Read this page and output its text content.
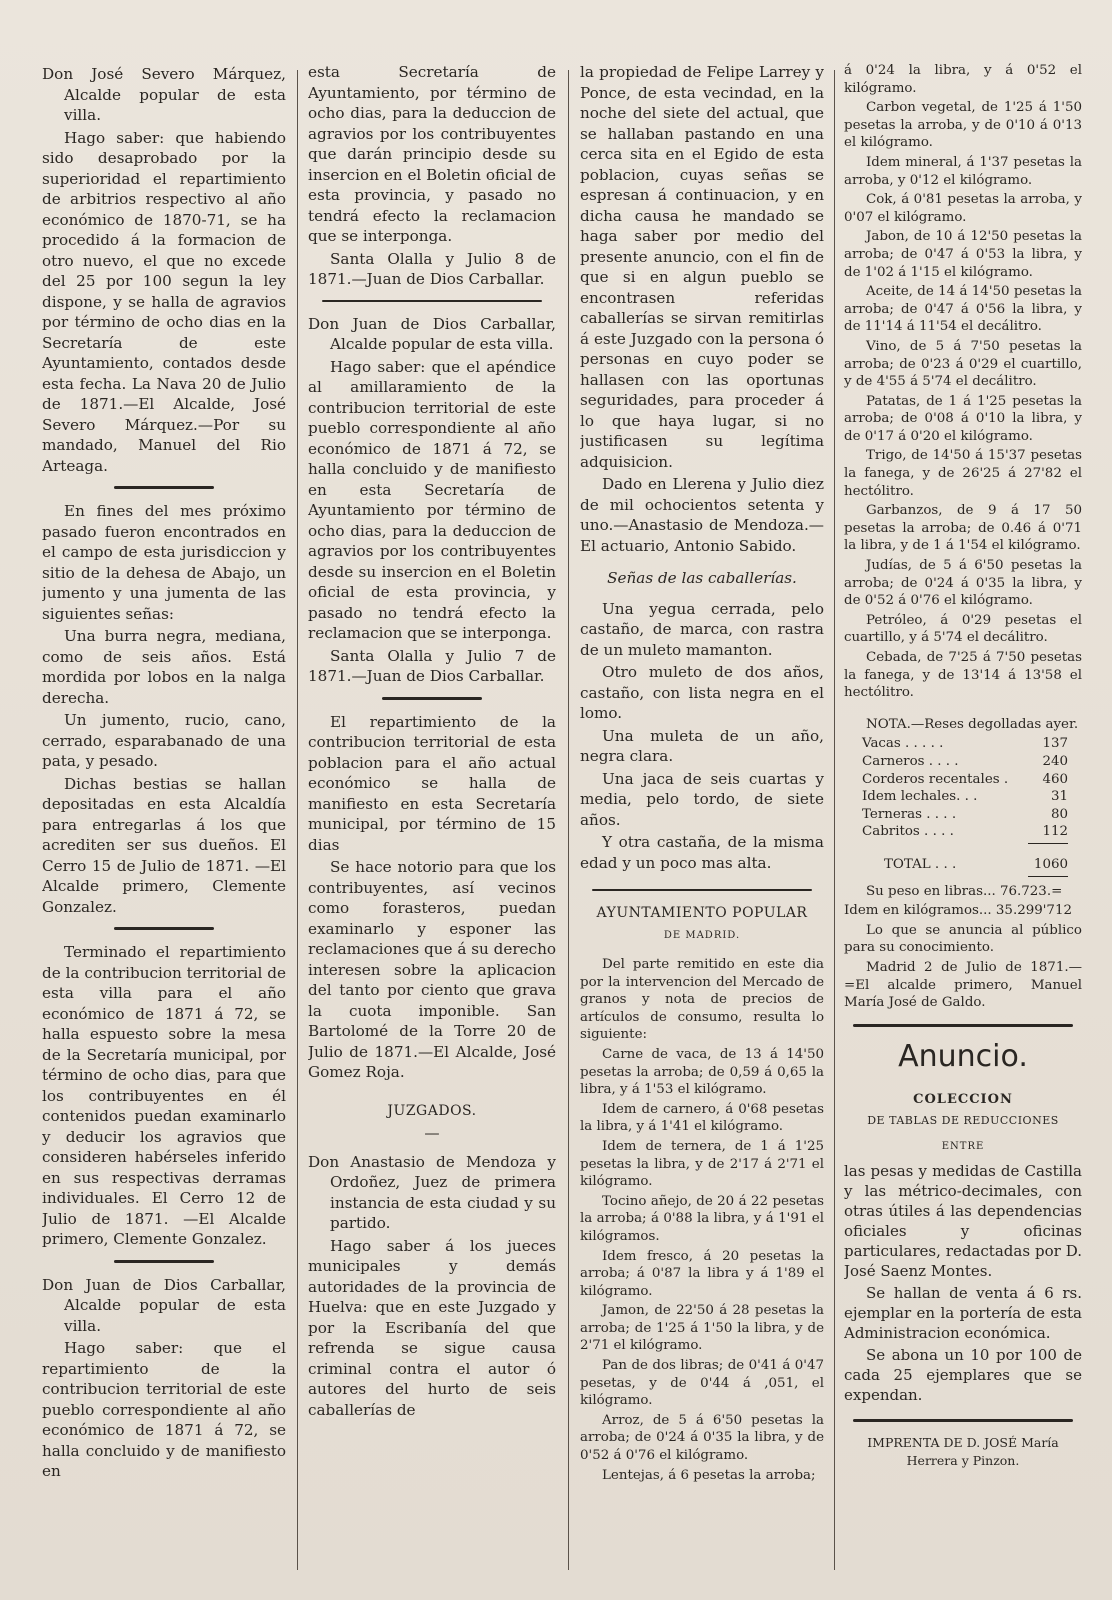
Don José Severo Márquez, Alcalde popular de esta villa.

Hago saber: que habiendo sido desaprobado por la superioridad el repartimiento de arbitrios respectivo al año económico de 1870-71, se ha procedido á la formacion de otro nuevo, el que no excede del 25 por 100 segun la ley dispone, y se halla de agravios por término de ocho dias en la Secretaría de este Ayuntamiento, contados desde esta fecha. La Nava 20 de Julio de 1871.—El Alcalde, José Severo Márquez.—Por su mandado, Manuel del Rio Arteaga.

En fines del mes próximo pasado fueron encontrados en el campo de esta jurisdiccion y sitio de la dehesa de Abajo, un jumento y una jumenta de las siguientes señas:

Una burra negra, mediana, como de seis años. Está mordida por lobos en la nalga derecha.

Un jumento, rucio, cano, cerrado, esparabanado de una pata, y pesado.

Dichas bestias se hallan depositadas en esta Alcaldía para entregarlas á los que acrediten ser sus dueños. El Cerro 15 de Julio de 1871. —El Alcalde primero, Clemente Gonzalez.

Terminado el repartimiento de la contribucion territorial de esta villa para el año económico de 1871 á 72, se halla espuesto sobre la mesa de la Secretaría municipal, por término de ocho dias, para que los contribuyentes en él contenidos puedan examinarlo y deducir los agravios que consideren habérseles inferido en sus respectivas derramas individuales. El Cerro 12 de Julio de 1871. —El Alcalde primero, Clemente Gonzalez.

Don Juan de Dios Carballar, Alcalde popular de esta villa.

Hago saber: que el repartimiento de la contribucion territorial de este pueblo correspondiente al año económico de 1871 á 72, se halla concluido y de manifiesto en

esta Secretaría de Ayuntamiento, por término de ocho dias, para la deduccion de agravios por los contribuyentes que darán principio desde su insercion en el Boletin oficial de esta provincia, y pasado no tendrá efecto la reclamacion que se interponga.

Santa Olalla y Julio 8 de 1871.—Juan de Dios Carballar.

Don Juan de Dios Carballar, Alcalde popular de esta villa.

Hago saber: que el apéndice al amillaramiento de la contribucion territorial de este pueblo correspondiente al año económico de 1871 á 72, se halla concluido y de manifiesto en esta Secretaría de Ayuntamiento por término de ocho dias, para la deduccion de agravios por los contribuyentes desde su insercion en el Boletin oficial de esta provincia, y pasado no tendrá efecto la reclamacion que se interponga.

Santa Olalla y Julio 7 de 1871.—Juan de Dios Carballar.

El repartimiento de la contribucion territorial de esta poblacion para el año actual económico se halla de manifiesto en esta Secretaría municipal, por término de 15 dias

Se hace notorio para que los contribuyentes, así vecinos como forasteros, puedan examinarlo y esponer las reclamaciones que á su derecho interesen sobre la aplicacion del tanto por ciento que grava la cuota imponible. San Bartolomé de la Torre 20 de Julio de 1871.—El Alcalde, José Gomez Roja.

JUZGADOS.
—

Don Anastasio de Mendoza y Ordoñez, Juez de primera instancia de esta ciudad y su partido.

Hago saber á los jueces municipales y demás autoridades de la provincia de Huelva: que en este Juzgado y por la Escribanía del que refrenda se sigue causa criminal contra el autor ó autores del hurto de seis caballerías de

la propiedad de Felipe Larrey y Ponce, de esta vecindad, en la noche del siete del actual, que se hallaban pastando en una cerca sita en el Egido de esta poblacion, cuyas señas se espresan á continuacion, y en dicha causa he mandado se haga saber por medio del presente anuncio, con el fin de que si en algun pueblo se encontrasen referidas caballerías se sirvan remitirlas á este Juzgado con la persona ó personas en cuyo poder se hallasen con las oportunas seguridades, para proceder á lo que haya lugar, si no justificasen su legítima adquisicion.

Dado en Llerena y Julio diez de mil ochocientos setenta y uno.—Anastasio de Mendoza.—El actuario, Antonio Sabido.

Señas de las caballerías.

Una yegua cerrada, pelo castaño, de marca, con rastra de un muleto mamanton.

Otro muleto de dos años, castaño, con lista negra en el lomo.

Una muleta de un año, negra clara.

Una jaca de seis cuartas y media, pelo tordo, de siete años.

Y otra castaña, de la misma edad y un poco mas alta.

AYUNTAMIENTO POPULAR
DE MADRID.

Del parte remitido en este dia por la intervencion del Mercado de granos y nota de precios de artículos de consumo, resulta lo siguiente:

Carne de vaca, de 13 á 14'50 pesetas la arroba; de 0,59 á 0,65 la libra, y á 1'53 el kilógramo.

Idem de carnero, á 0'68 pesetas la libra, y á 1'41 el kilógramo.

Idem de ternera, de 1 á 1'25 pesetas la libra, y de 2'17 á 2'71 el kilógramo.

Tocino añejo, de 20 á 22 pesetas la arroba; á 0'88 la libra, y á 1'91 el kilógramos.

Idem fresco, á 20 pesetas la arroba; á 0'87 la libra y á 1'89 el kilógramo.

Jamon, de 22'50 á 28 pesetas la arroba; de 1'25 á 1'50 la libra, y de 2'71 el kilógramo.

Pan de dos libras; de 0'41 á 0'47 pesetas, y de 0'44 á ,051, el kilógramo.

Arroz, de 5 á 6'50 pesetas la arroba; de 0'24 á 0'35 la libra, y de 0'52 á 0'76 el kilógramo.

Lentejas, á 6 pesetas la arroba;

á 0'24 la libra, y á 0'52 el kilógramo.

Carbon vegetal, de 1'25 á 1'50 pesetas la arroba, y de 0'10 á 0'13 el kilógramo.

Idem mineral, á 1'37 pesetas la arroba, y 0'12 el kilógramo.

Cok, á 0'81 pesetas la arroba, y 0'07 el kilógramo.

Jabon, de 10 á 12'50 pesetas la arroba; de 0'47 á 0'53 la libra, y de 1'02 á 1'15 el kilógramo.

Aceite, de 14 á 14'50 pesetas la arroba; de 0'47 á 0'56 la libra, y de 11'14 á 11'54 el decálitro.

Vino, de 5 á 7'50 pesetas la arroba; de 0'23 á 0'29 el cuartillo, y de 4'55 á 5'74 el decálitro.

Patatas, de 1 á 1'25 pesetas la arroba; de 0'08 á 0'10 la libra, y de 0'17 á 0'20 el kilógramo.

Trigo, de 14'50 á 15'37 pesetas la fanega, y de 26'25 á 27'82 el hectólitro.

Garbanzos, de 9 á 17 50 pesetas la arroba; de 0.46 á 0'71 la libra, y de 1 á 1'54 el kilógramo.

Judías, de 5 á 6'50 pesetas la arroba; de 0'24 á 0'35 la libra, y de 0'52 á 0'76 el kilógramo.

Petróleo, á 0'29 pesetas el cuartillo, y á 5'74 el decálitro.

Cebada, de 7'25 á 7'50 pesetas la fanega, y de 13'14 á 13'58 el hectólitro.

NOTA.—Reses degolladas ayer.

Vacas . . . . .	137
Carneros . . . .	240
Corderos recentales .	460
Idem lechales. . .	31
Terneras . . . .	80
Cabritos . . . .	112
TOTAL . . .	1060

Su peso en libras... 76.723.=

Idem en kilógramos... 35.299'712

Lo que se anuncia al público para su conocimiento.

Madrid 2 de Julio de 1871.—=El alcalde primero, Manuel María José de Galdo.

Anuncio.
COLECCION
DE TABLAS DE REDUCCIONES
ENTRE

las pesas y medidas de Castilla y las métrico-decimales, con otras útiles á las dependencias oficiales y oficinas particulares, redactadas por D. José Saenz Montes.

Se hallan de venta á 6 rs. ejemplar en la portería de esta Administracion económica.

Se abona un 10 por 100 de cada 25 ejemplares que se expendan.

IMPRENTA DE D. JOSÉ María Herrera y Pinzon.
